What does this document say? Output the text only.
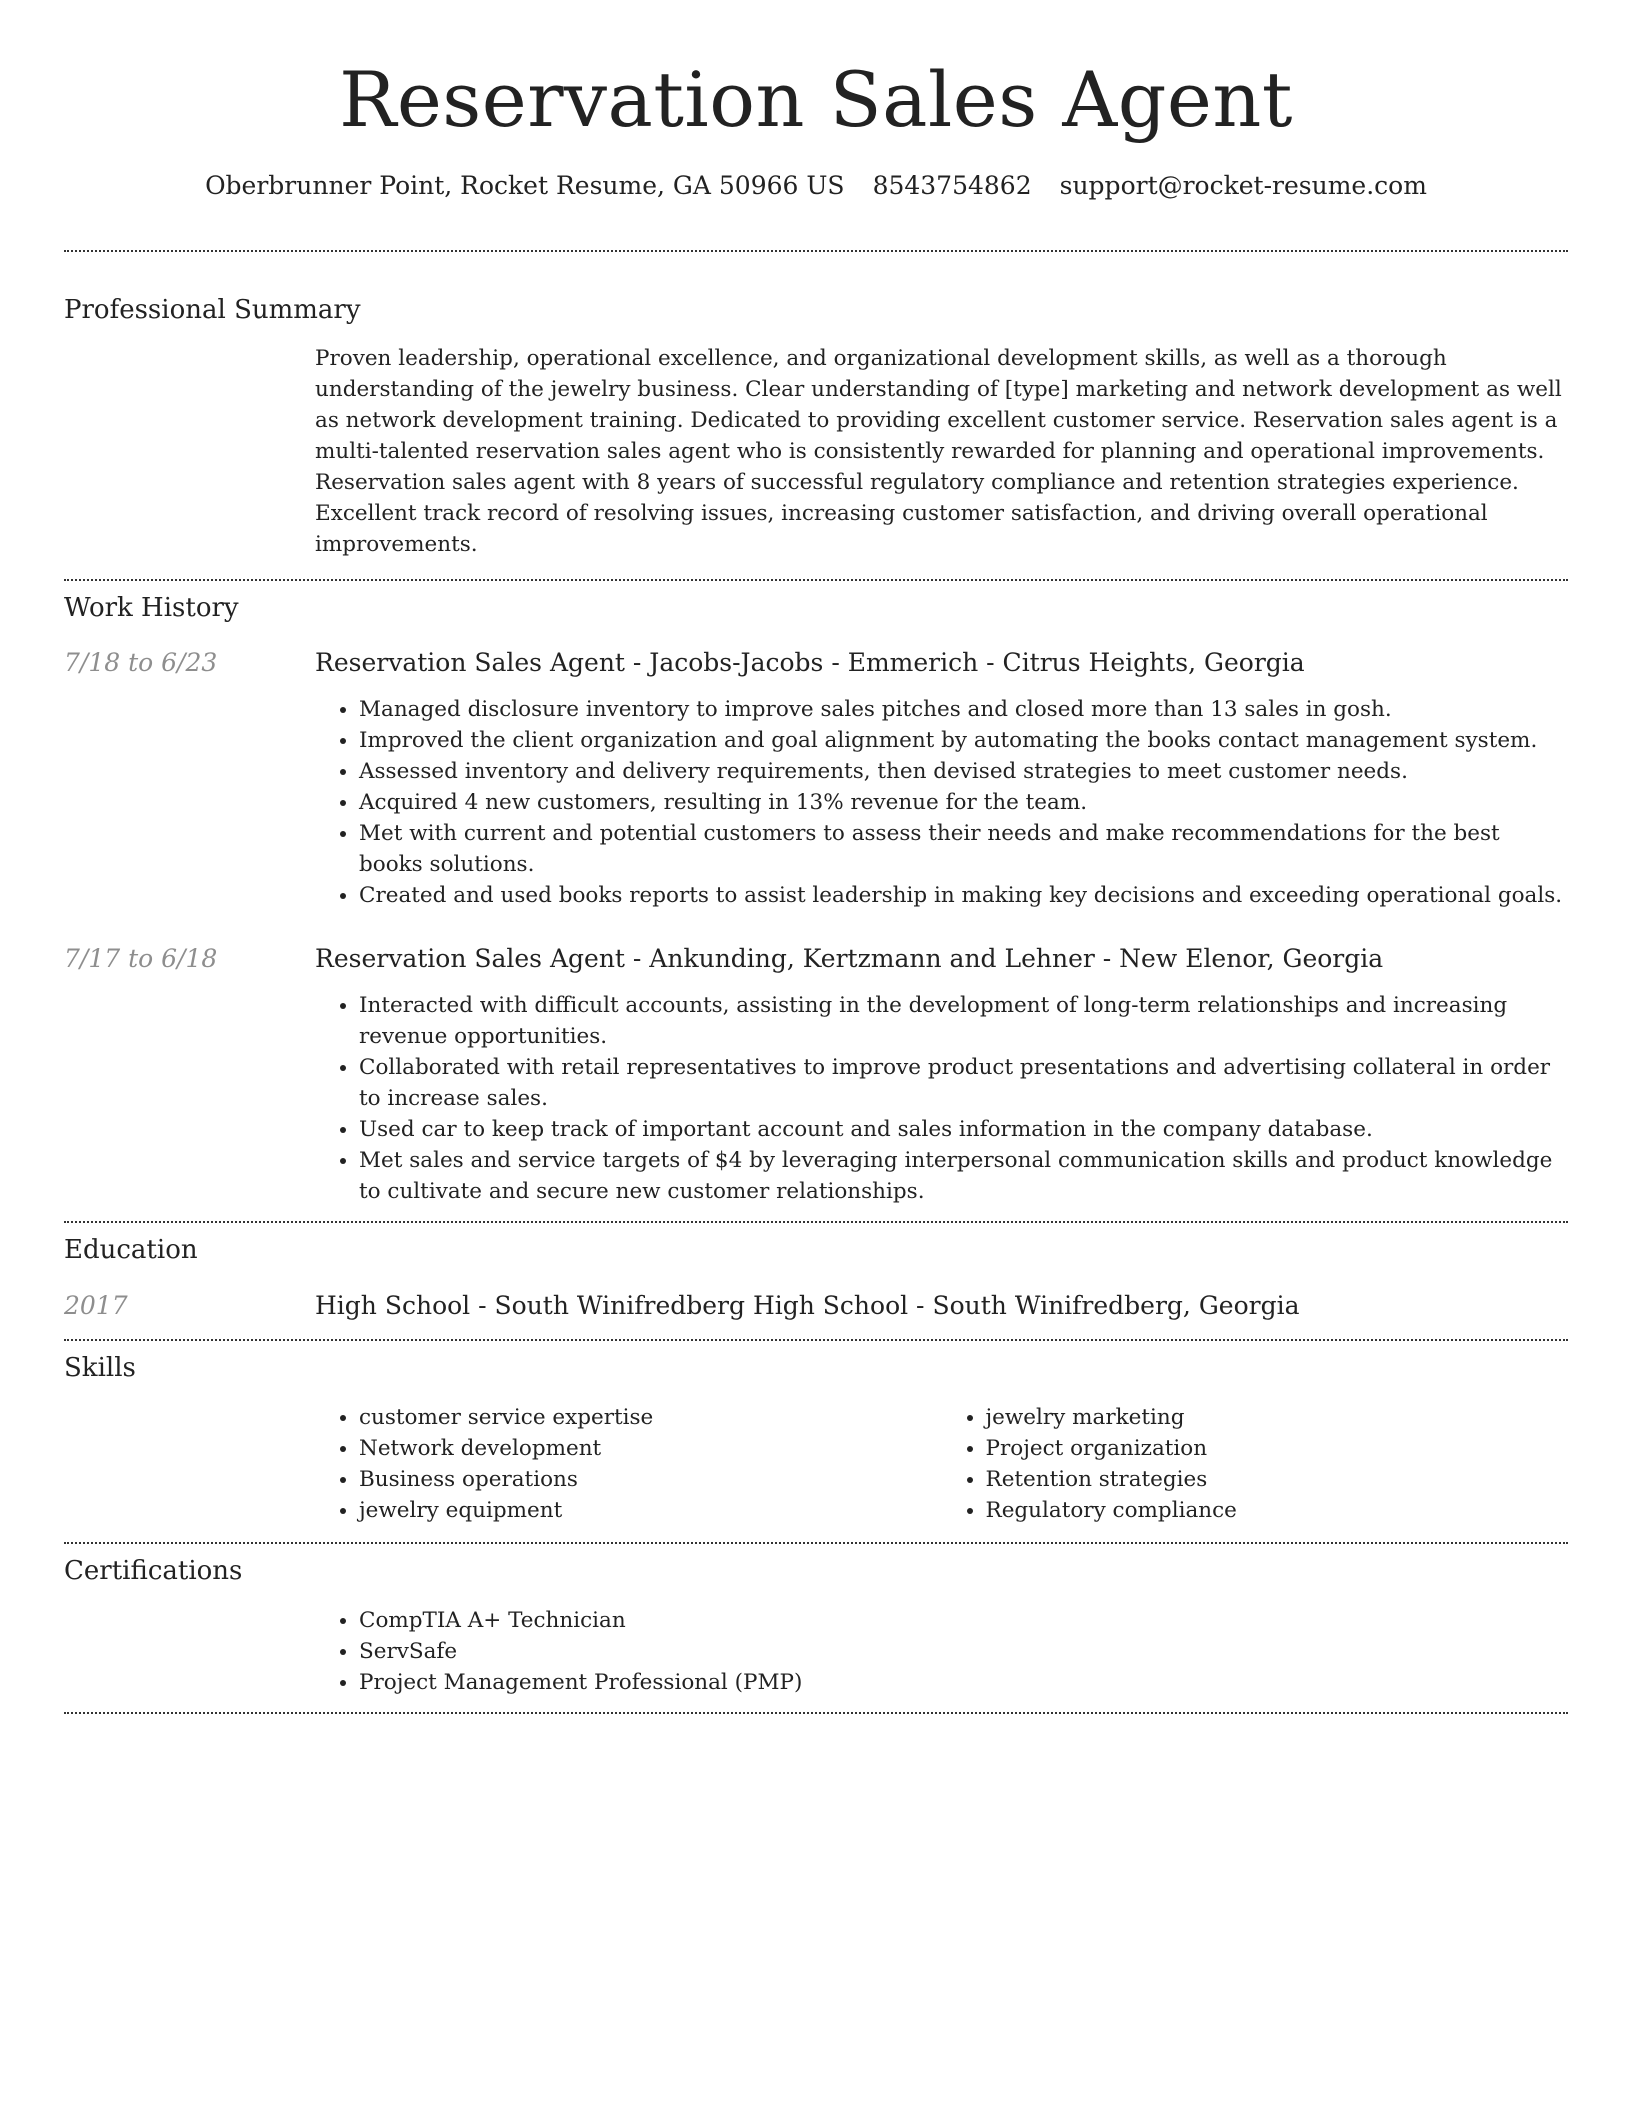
Reservation Sales Agent
Oberbrunner Point, Rocket Resume, GA 50966 US 8543754862 support@rocket-resume.com
Professional Summary
Proven leadership, operational excellence, and organizational development skills, as well as a thorough understanding of the jewelry business. Clear understanding of [type] marketing and network development as well as network development training. Dedicated to providing excellent customer service. Reservation sales agent is a multi-talented reservation sales agent who is consistently rewarded for planning and operational improvements. Reservation sales agent with 8 years of successful regulatory compliance and retention strategies experience. Excellent track record of resolving issues, increasing customer satisfaction, and driving overall operational improvements.
Work History
7/18 to 6/23	Reservation Sales Agent - Jacobs-Jacobs - Emmerich - Citrus Heights, Georgia
• Managed disclosure inventory to improve sales pitches and closed more than 13 sales in gosh.
• Improved the client organization and goal alignment by automating the books contact management system.
• Assessed inventory and delivery requirements, then devised strategies to meet customer needs.
• Acquired 4 new customers, resulting in 13% revenue for the team.
• Met with current and potential customers to assess their needs and make recommendations for the best books solutions.
• Created and used books reports to assist leadership in making key decisions and exceeding operational goals.
7/17 to 6/18	Reservation Sales Agent - Ankunding, Kertzmann and Lehner - New Elenor, Georgia
• Interacted with difficult accounts, assisting in the development of long-term relationships and increasing revenue opportunities.
• Collaborated with retail representatives to improve product presentations and advertising collateral in order to increase sales.
• Used car to keep track of important account and sales information in the company database.
• Met sales and service targets of $4 by leveraging interpersonal communication skills and product knowledge to cultivate and secure new customer relationships.
Education
2017	High School - South Winifredberg High School - South Winifredberg, Georgia
Skills
• customer service expertise
• Network development
• Business operations
• jewelry equipment
• jewelry marketing
• Project organization
• Retention strategies
• Regulatory compliance
Certifications
• CompTIA A+ Technician
• ServSafe
• Project Management Professional (PMP)
